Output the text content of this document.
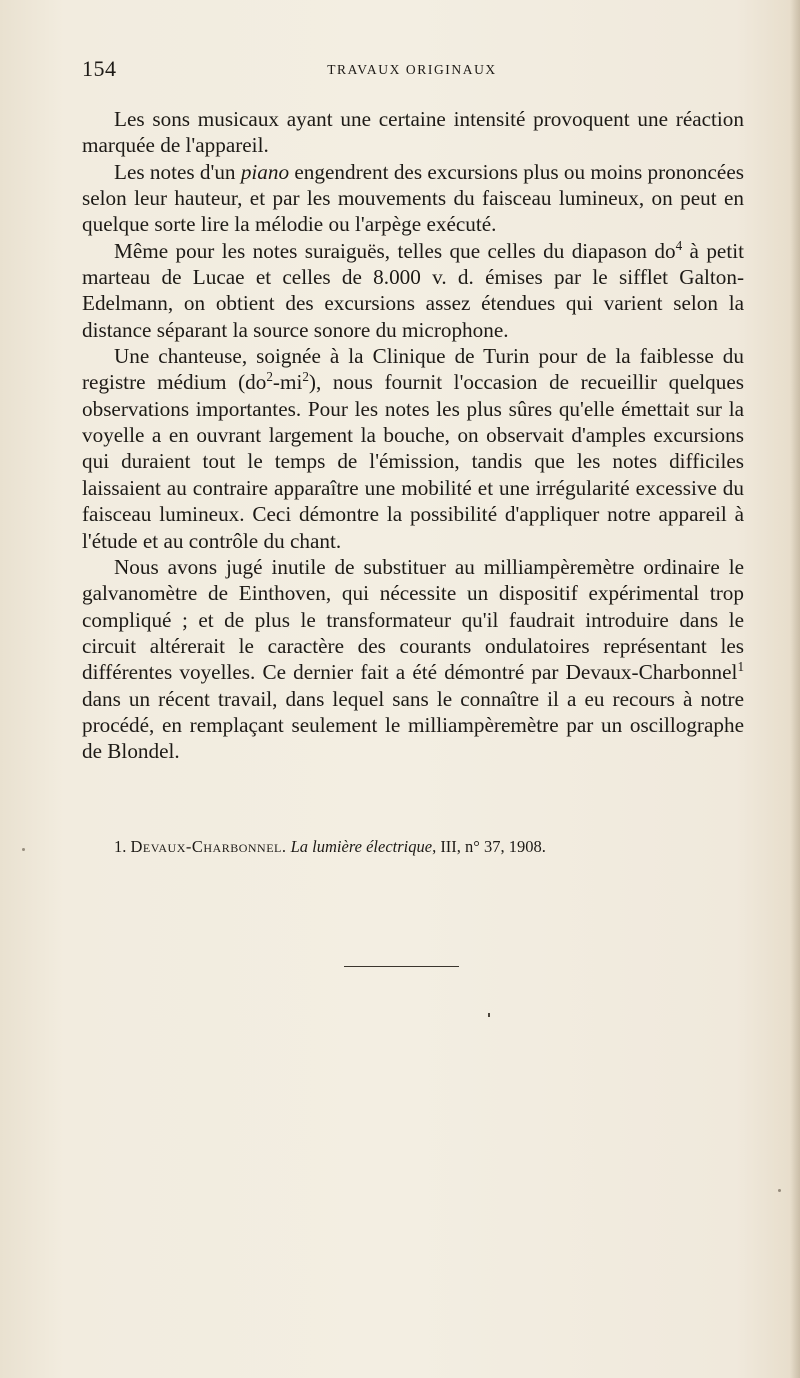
154	TRAVAUX ORIGINAUX

Les sons musicaux ayant une certaine intensité provoquent une réaction marquée de l'appareil.

Les notes d'un piano engendrent des excursions plus ou moins prononcées selon leur hauteur, et par les mouvements du faisceau lumineux, on peut en quelque sorte lire la mélodie ou l'arpège exécuté.

Même pour les notes suraiguës, telles que celles du diapason $do^4$ à petit marteau de Lucae et celles de 8.000 v. d. émises par le sifflet Galton-Edelmann, on obtient des excursions assez étendues qui varient selon la distance séparant la source sonore du microphone.

Une chanteuse, soignée à la Clinique de Turin pour de la faiblesse du registre médium $(do^2-mi^2)$, nous fournit l'occasion de recueillir quelques observations importantes. Pour les notes les plus sûres qu'elle émettait sur la voyelle a en ouvrant largement la bouche, on observait d'amples excursions qui duraient tout le temps de l'émission, tandis que les notes difficiles laissaient au contraire apparaître une mobilité et une irrégularité excessive du faisceau lumineux. Ceci démontre la possibilité d'appliquer notre appareil à l'étude et au contrôle du chant.

Nous avons jugé inutile de substituer au milliampèremètre ordinaire le galvanomètre de Einthoven, qui nécessite un dispositif expérimental trop compliqué ; et de plus le transformateur qu'il faudrait introduire dans le circuit altérerait le caractère des courants ondulatoires représentant les différentes voyelles. Ce dernier fait a été démontré par Devaux-Charbonnel$^1$ dans un récent travail, dans lequel sans le connaître il a eu recours à notre procédé, en remplaçant seulement le milliampèremètre par un oscillographe de Blondel.

1. Devaux-Charbonnel. La lumière électrique, III, n° 37, 1908.
